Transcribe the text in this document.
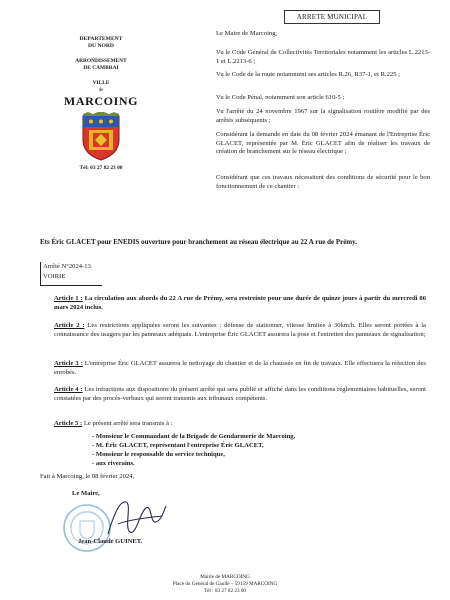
ARRETE MUNICIPAL
DEPARTEMENT
DU NORD
ARRONDISSEMENT
DE CAMBRAI
VILLE
de
MARCOING
Tél: 03 27 82 23 00
Le Maire de Marcoing,
Vu le Code Général de Collectivités Territoriales notamment les articles L.2213-1 et L.2213-6 ;
Vu le Code de la route notamment ses articles R.26, R37-1, et R.225 ;
Vu le Code Pénal, notamment son article 610-5 ;
Vu l'arrêté du 24 novembre 1967 sur la signalisation routière modifié par des arrêtés subséquents ;
Considérant la demande en date du 08 février 2024 émanant de l'Entreprise Éric GLACET, représentée par M. Éric GLACET afin de réaliser les travaux de création de branchement sur le réseau électrique ;
Considérant que ces travaux nécessitent des conditions de sécurité pour le bon fonctionnement de ce chantier :
Ets Éric GLACET pour ENEDIS ouverture pour branchement au réseau électrique au 22 A rue de Prémy.
Arrêté N°2024-13
VOIRIE
Article 1 : La circulation aux abords du 22 A rue de Prémy, sera restreinte pour une durée de quinze jours à partir du mercredi 06 mars 2024 inclus.
Article 2 : Les restrictions appliquées seront les suivantes : défense de stationner, vitesse limitée à 30km/h. Elles seront portées à la connaissance des usagers par les panneaux adéquats. L'entreprise Éric GLACET assurera la pose et l'entretien des panneaux de signalisation;
Article 3 : L'entreprise Éric GLACET assurera le nettoyage du chantier et de la chaussée en fin de travaux. Elle effectuera la réfection des enrobés.
Article 4 : Les infractions aux dispositions du présent arrêté qui sera publié et affiché dans les conditions réglementaires habituelles, seront constatées par des procès-verbaux qui seront transmis aux tribunaux compétents.
Article 5 : Le présent arrêté sera transmis à :
- Monsieur le Commandant de la Brigade de Gendarmerie de Marcoing,
- M. Éric GLACET, représentant l'entreprise Éric GLACET,
- Monsieur le responsable du service technique,
- aux riverains.
Fait à Marcoing, le 08 février 2024,
Le Maire,
Jean-Claude GUINET.
Mairie de MARCOING
Place du Général de Gaulle – 59159 MARCOING
Tél : 03 27 82 23 00
